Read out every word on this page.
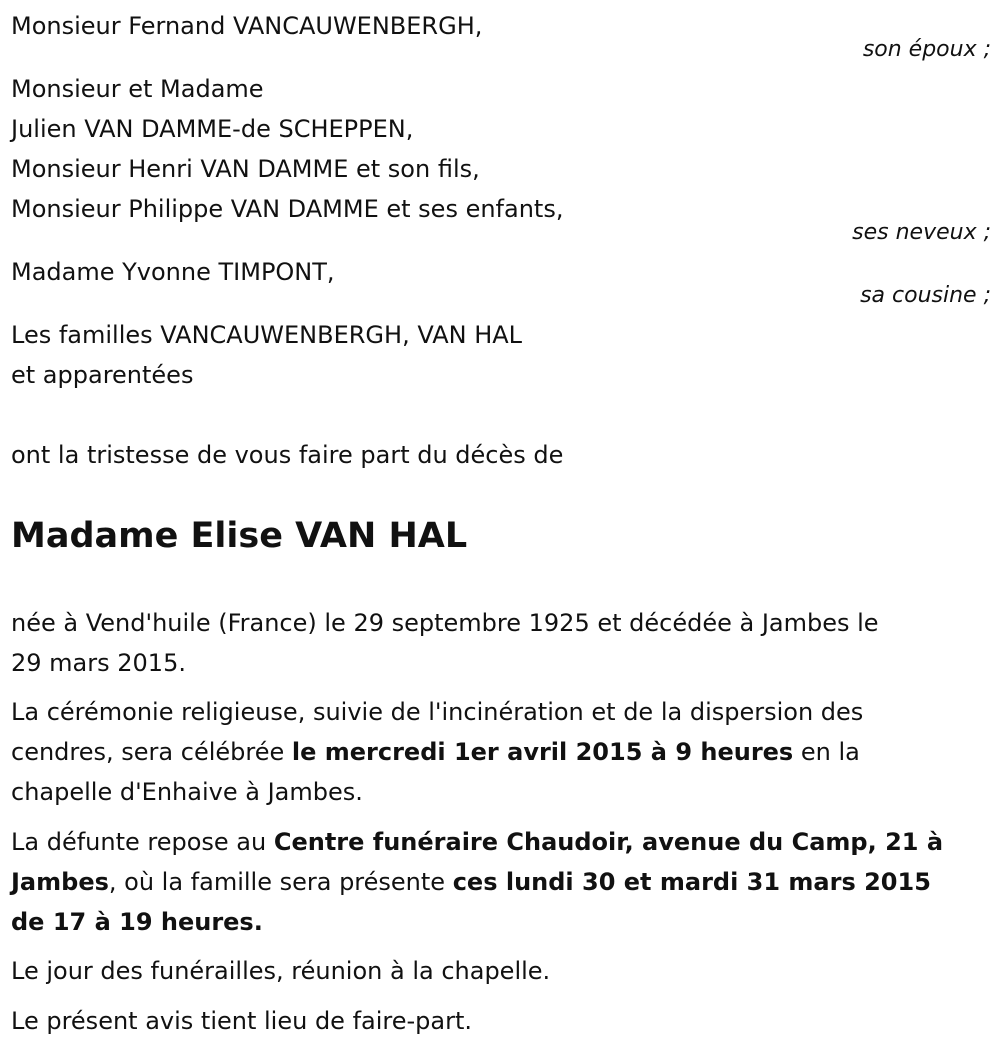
Monsieur Fernand VANCAUWENBERGH,
son époux ;
Monsieur et Madame
Julien VAN DAMME-de SCHEPPEN,
Monsieur Henri VAN DAMME et son fils,
Monsieur Philippe VAN DAMME et ses enfants,
ses neveux ;
Madame Yvonne TIMPONT,
sa cousine ;
Les familles VANCAUWENBERGH, VAN HAL
et apparentées
ont la tristesse de vous faire part du décès de
Madame Elise VAN HAL
née à Vend'huile (France) le 29 septembre 1925 et décédée à Jambes le
29 mars 2015.
La cérémonie religieuse, suivie de l'incinération et de la dispersion des
cendres, sera célébrée le mercredi 1er avril 2015 à 9 heures en la
chapelle d'Enhaive à Jambes.
La défunte repose au Centre funéraire Chaudoir, avenue du Camp, 21 à
Jambes, où la famille sera présente ces lundi 30 et mardi 31 mars 2015
de 17 à 19 heures.
Le jour des funérailles, réunion à la chapelle.
Le présent avis tient lieu de faire-part.
